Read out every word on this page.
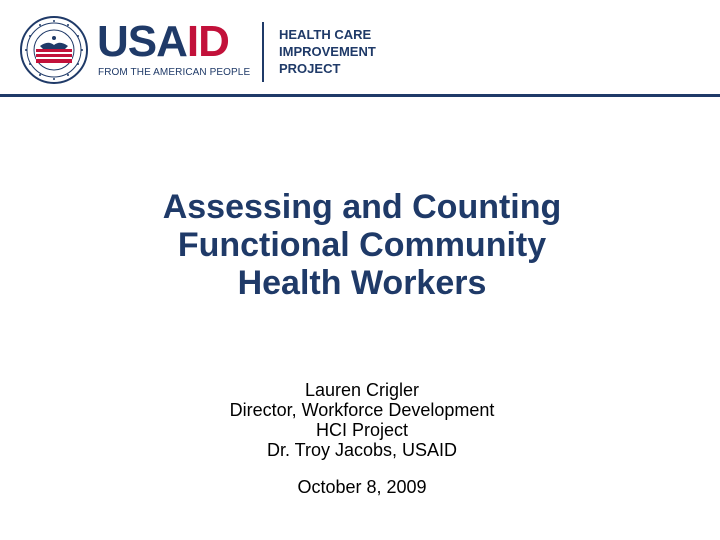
USAID
FROM THE AMERICAN PEOPLE
HEALTH CARE
IMPROVEMENT
PROJECT
Assessing and Counting
Functional Community
Health Workers
Lauren Crigler
Director, Workforce Development
HCI Project
Dr. Troy Jacobs, USAID
October 8, 2009
